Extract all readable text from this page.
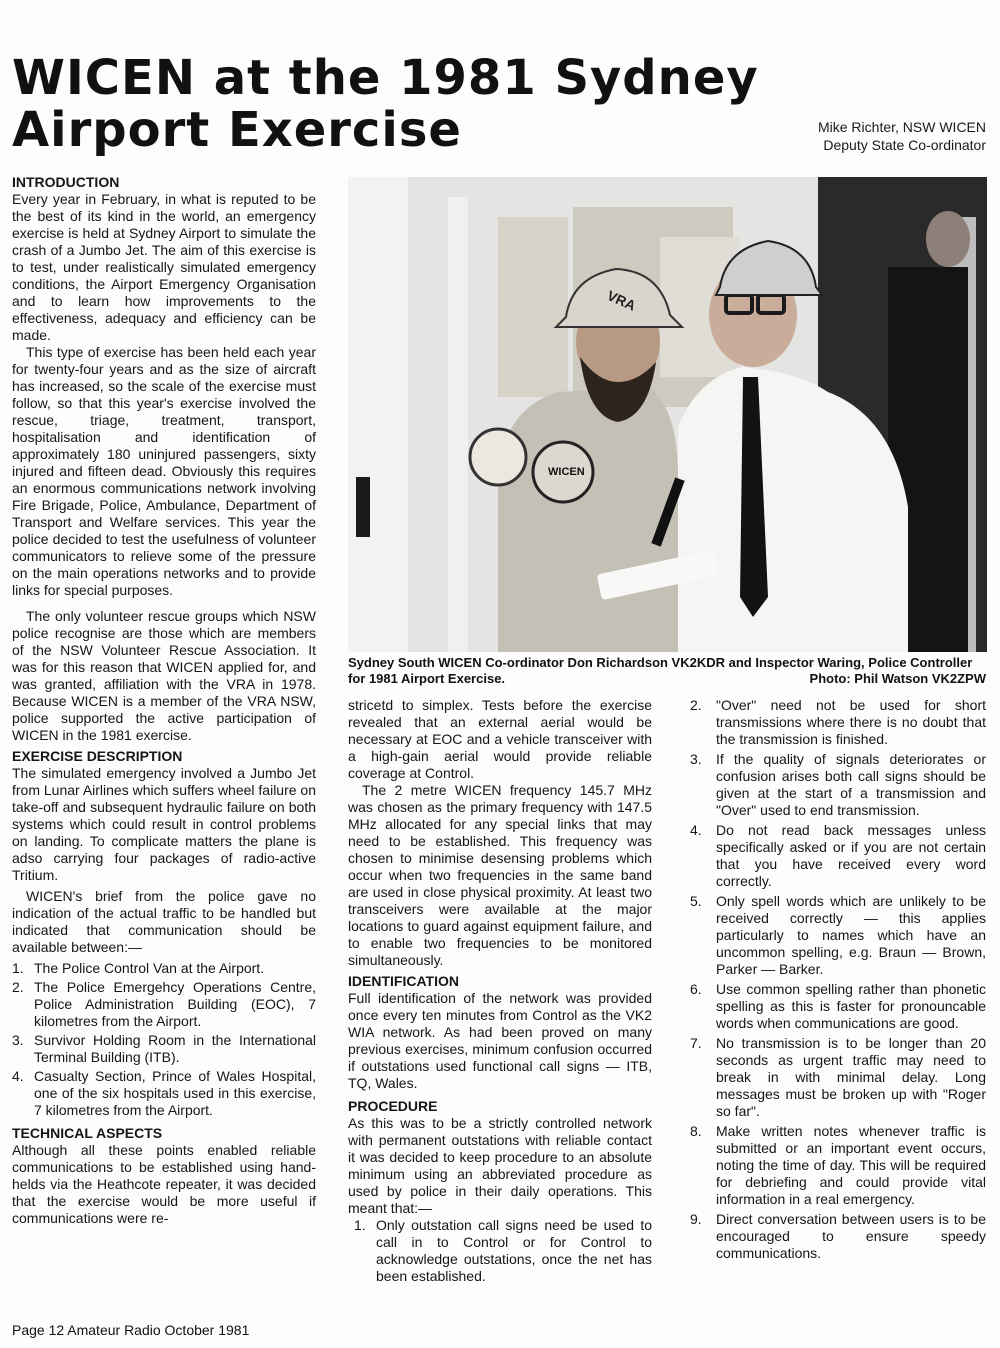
WICEN at the 1981 Sydney
Airport Exercise	Mike Richter, NSW WICEN
Deputy State Co-ordinator
INTRODUCTION

Every year in February, in what is reputed to be the best of its kind in the world, an emergency exercise is held at Sydney Airport to simulate the crash of a Jumbo Jet. The aim of this exercise is to test, under realistically simulated emergency conditions, the Airport Emergency Organisation and to learn how improvements to the effectiveness, adequacy and efficiency can be made.

This type of exercise has been held each year for twenty-four years and as the size of aircraft has increased, so the scale of the exercise must follow, so that this year's exercise involved the rescue, triage, treatment, transport, hospitalisation and identification of approximately 180 uninjured passengers, sixty injured and fifteen dead. Obviously this requires an enormous communications network involving Fire Brigade, Police, Ambulance, Department of Transport and Welfare services. This year the police decided to test the usefulness of volunteer communicators to relieve some of the pressure on the main operations networks and to provide links for special purposes.

The only volunteer rescue groups which NSW police recognise are those which are members of the NSW Volunteer Rescue Association. It was for this reason that WICEN applied for, and was granted, affiliation with the VRA in 1978. Because WICEN is a member of the VRA NSW, police supported the active participation of WICEN in the 1981 exercise.

EXERCISE DESCRIPTION

The simulated emergency involved a Jumbo Jet from Lunar Airlines which suffers wheel failure on take-off and subsequent hydraulic failure on both systems which could result in control problems on landing. To complicate matters the plane is adso carrying four packages of radio-active Tritium.

WICEN's brief from the police gave no indication of the actual traffic to be handled but indicated that communication should be available between:—

1. The Police Control Van at the Airport.
2. The Police Emergehcy Operations Centre, Police Administration Building (EOC), 7 kilometres from the Airport.
3. Survivor Holding Room in the International Terminal Building (ITB).
4. Casualty Section, Prince of Wales Hospital, one of the six hospitals used in this exercise, 7 kilometres from the Airport.
TECHNICAL ASPECTS

Although all these points enabled reliable communications to be established using hand-helds via the Heathcote repeater, it was decided that the exercise would be more useful if communications were re-

VRA
WICEN
Sydney South WICEN Co-ordinator Don Richardson VK2KDR and Inspector Waring, Police Controller for 1981 Airport Exercise.	Photo: Phil Watson VK2ZPW

stricetd to simplex. Tests before the exercise revealed that an external aerial would be necessary at EOC and a vehicle transceiver with a high-gain aerial would provide reliable coverage at Control.

The 2 metre WICEN frequency 145.7 MHz was chosen as the primary frequency with 147.5 MHz allocated for any special links that may need to be established. This frequency was chosen to minimise desensing problems which occur when two frequencies in the same band are used in close physical proximity. At least two transceivers were available at the major locations to guard against equipment failure, and to enable two frequencies to be monitored simultaneously.

IDENTIFICATION

Full identification of the network was provided once every ten minutes from Control as the VK2 WIA network. As had been proved on many previous exercises, minimum confusion occurred if outstations used functional call signs — ITB, TQ, Wales.

PROCEDURE

As this was to be a strictly controlled network with permanent outstations with reliable contact it was decided to keep procedure to an absolute minimum using an abbreviated procedure as used by police in their daily operations. This meant that:—

1. Only outstation call signs need be used to call in to Control or for Control to acknowledge outstations, once the net has been established.
2. "Over" need not be used for short transmissions where there is no doubt that the transmission is finished.
3. If the quality of signals deteriorates or confusion arises both call signs should be given at the start of a transmission and "Over" used to end transmission.
4. Do not read back messages unless specifically asked or if you are not certain that you have received every word correctly.
5. Only spell words which are unlikely to be received correctly — this applies particularly to names which have an uncommon spelling, e.g. Braun — Brown, Parker — Barker.
6. Use common spelling rather than phonetic spelling as this is faster for pronouncable words when communications are good.
7. No transmission is to be longer than 20 seconds as urgent traffic may need to break in with minimal delay. Long messages must be broken up with "Roger so far".
8. Make written notes whenever traffic is submitted or an important event occurs, noting the time of day. This will be required for debriefing and could provide vital information in a real emergency.
9. Direct conversation between users is to be encouraged to ensure speedy communications.
Page 12 Amateur Radio October 1981
